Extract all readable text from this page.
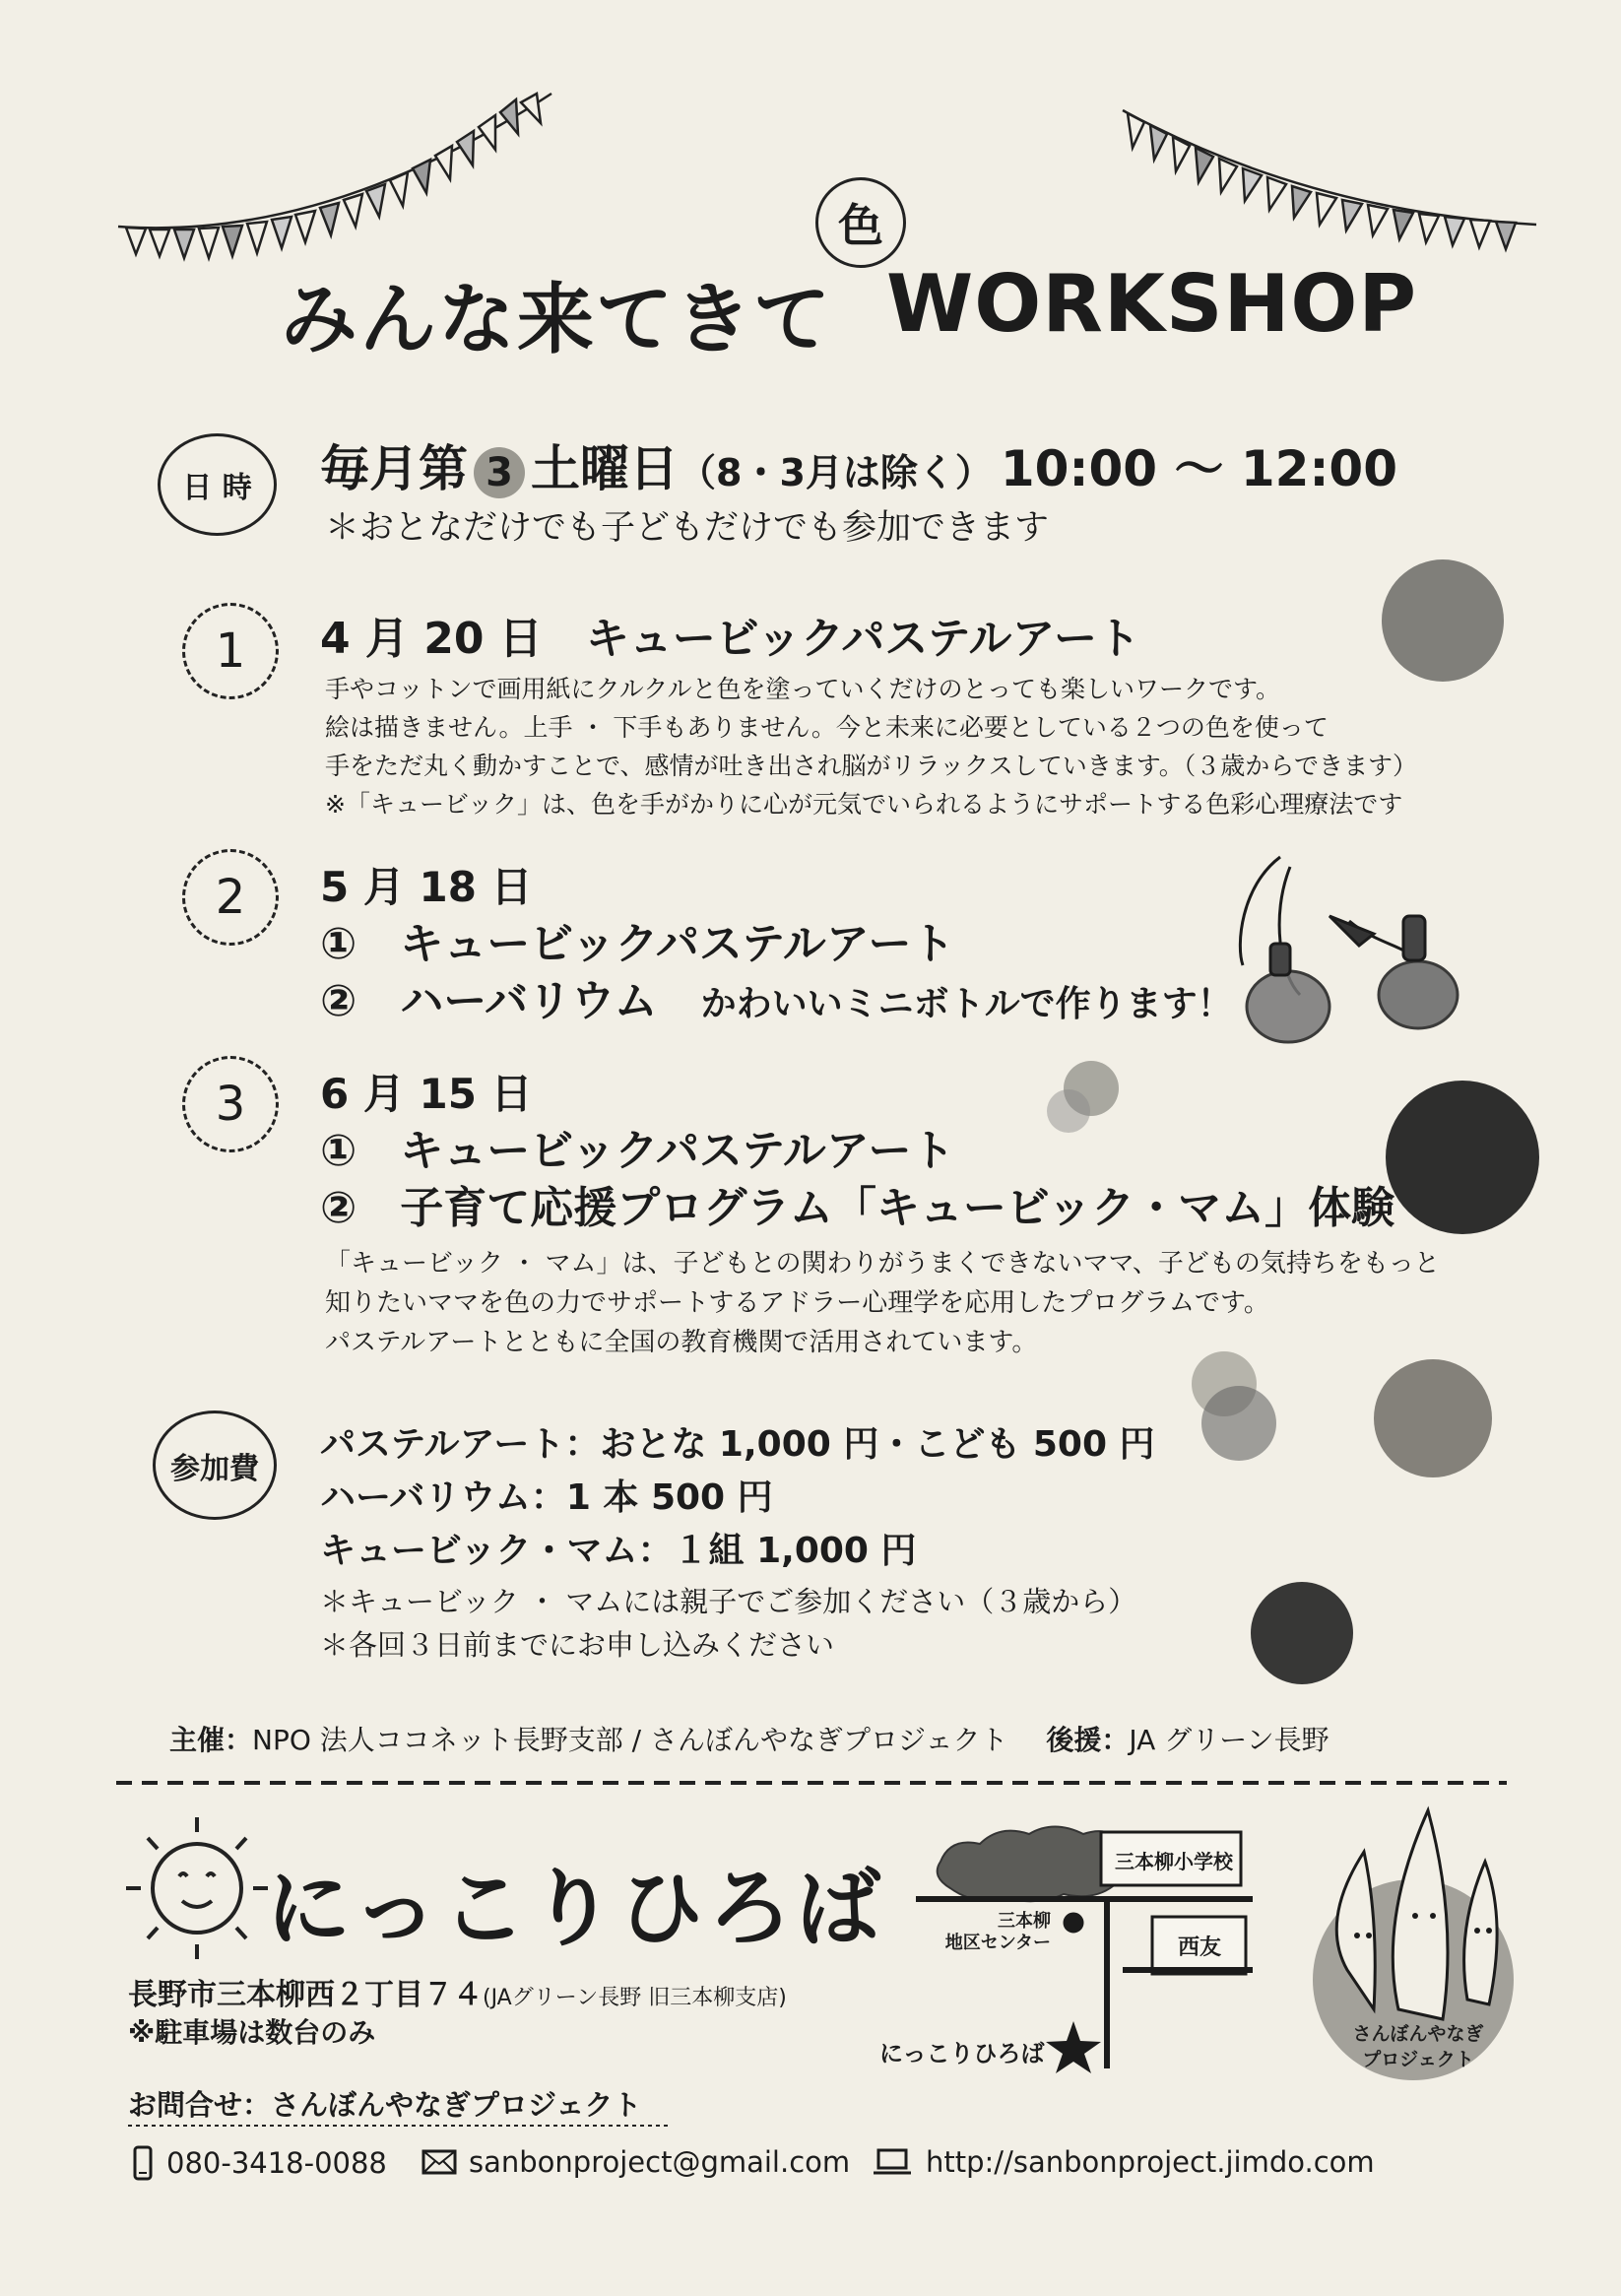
みんな来てきて
色
WORKSHOP
日 時	毎月第 3 土曜日（8・3月は除く） 10:00 ～ 12:00
＊おとなだけでも子どもだけでも参加できます
1	4 月 20 日　 キュービックパステルアート
手やコットンで画用紙にクルクルと色を塗っていくだけのとっても楽しいワークです。
絵は描きません。上手 ・ 下手もありません。今と未来に必要としている２つの色を使って
手をただ丸く動かすことで、感情が吐き出され脳がリラックスしていきます。（３歳からできます）
※「キュービック」は、色を手がかりに心が元気でいられるようにサポートする色彩心理療法です
2	5 月 18 日
①　 キュービックパステルアート
②　 ハーバリウム　 かわいいミニボトルで作ります！
3	6 月 15 日
①　 キュービックパステルアート
②　 子育て応援プログラム「キュービック・マム」体験
「キュービック ・ マム」は、子どもとの関わりがうまくできないママ、子どもの気持ちをもっと
知りたいママを色の力でサポートするアドラー心理学を応用したプログラムです。
パステルアートとともに全国の教育機関で活用されています。
参加費
パステルアート：おとな 1,000 円・こども 500 円
ハーバリウム：1 本 500 円
キュービック・マム：１組 1,000 円
＊キュービック ・ マムには親子でご参加ください（３歳から）
＊各回３日前までにお申し込みください
主催：NPO 法人ココネット長野支部 / さんぼんやなぎプロジェクト 後援：JA グリーン長野
にっこりひろば
長野市三本柳西２丁目７４(JAグリーン長野 旧三本柳支店)
※駐車場は数台のみ
三本柳小学校
三本柳
地区センター	西友
にっこりひろば
さんぼんやなぎ
プロジェクト
お問合せ：さんぼんやなぎプロジェクト
080-3418-0088	sanbonproject@gmail.com	http://sanbonproject.jimdo.com
